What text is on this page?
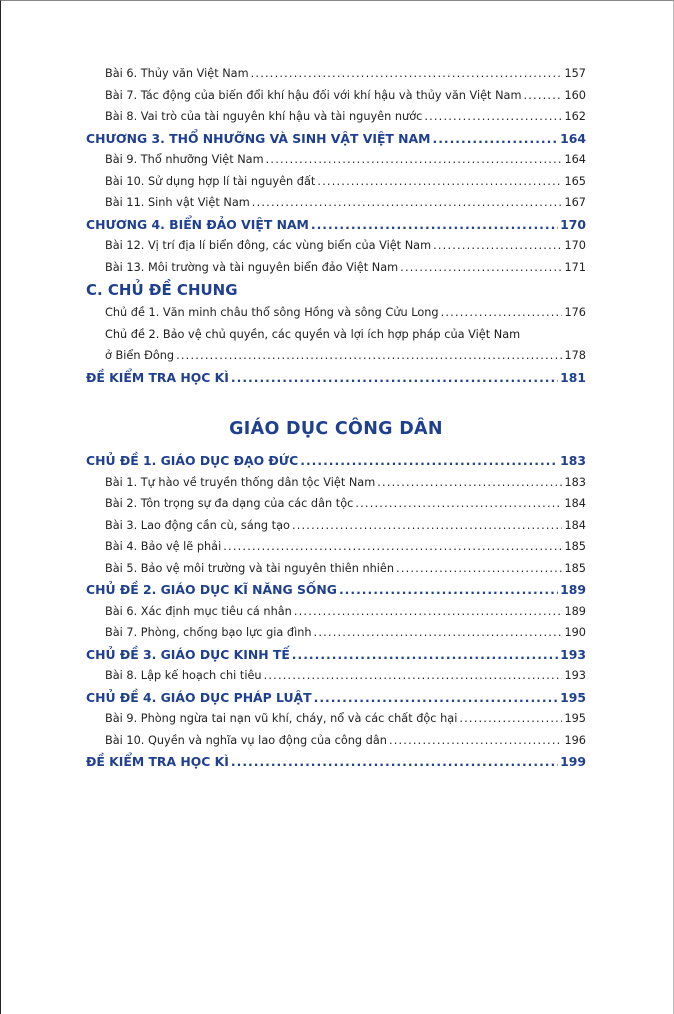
Bài 6. Thủy văn Việt Nam .....	157
Bài 7. Tác động của biến đổi khí hậu đối với khí hậu và thủy văn Việt Nam .....	160
Bài 8. Vai trò của tài nguyên khí hậu và tài nguyên nước .....	162
CHƯƠNG 3. THỔ NHƯỠNG VÀ SINH VẬT VIỆT NAM .....	164
Bài 9. Thổ nhưỡng Việt Nam .....	164
Bài 10. Sử dụng hợp lí tài nguyên đất .....	165
Bài 11. Sinh vật Việt Nam .....	167
CHƯƠNG 4. BIỂN ĐẢO VIỆT NAM .....	170
Bài 12. Vị trí địa lí biển đông, các vùng biển của Việt Nam .....	170
Bài 13. Môi trường và tài nguyên biển đảo Việt Nam .....	171
C. CHỦ ĐỀ CHUNG
Chủ đề 1. Văn minh châu thổ sông Hồng và sông Cửu Long .....	176
Chủ đề 2. Bảo vệ chủ quyền, các quyền và lợi ích hợp pháp của Việt Nam
ở Biển Đông .....	178
ĐỀ KIỂM TRA HỌC KÌ .....	181
GIÁO DỤC CÔNG DÂN
CHỦ ĐỀ 1. GIÁO DỤC ĐẠO ĐỨC .....	183
Bài 1. Tự hào về truyền thống dân tộc Việt Nam .....	183
Bài 2. Tôn trọng sự đa dạng của các dân tộc .....	184
Bài 3. Lao động cần cù, sáng tạo .....	184
Bài 4. Bảo vệ lẽ phải .....	185
Bài 5. Bảo vệ môi trường và tài nguyên thiên nhiên .....	185
CHỦ ĐỀ 2. GIÁO DỤC KĨ NĂNG SỐNG .....	189
Bài 6. Xác định mục tiêu cá nhân .....	189
Bài 7. Phòng, chống bạo lực gia đình .....	190
CHỦ ĐỀ 3. GIÁO DỤC KINH TẾ .....	193
Bài 8. Lập kế hoạch chi tiêu .....	193
CHỦ ĐỀ 4. GIÁO DỤC PHÁP LUẬT .....	195
Bài 9. Phòng ngừa tai nạn vũ khí, cháy, nổ và các chất độc hại .....	195
Bài 10. Quyền và nghĩa vụ lao động của công dân .....	196
ĐỀ KIỂM TRA HỌC KÌ .....	199
